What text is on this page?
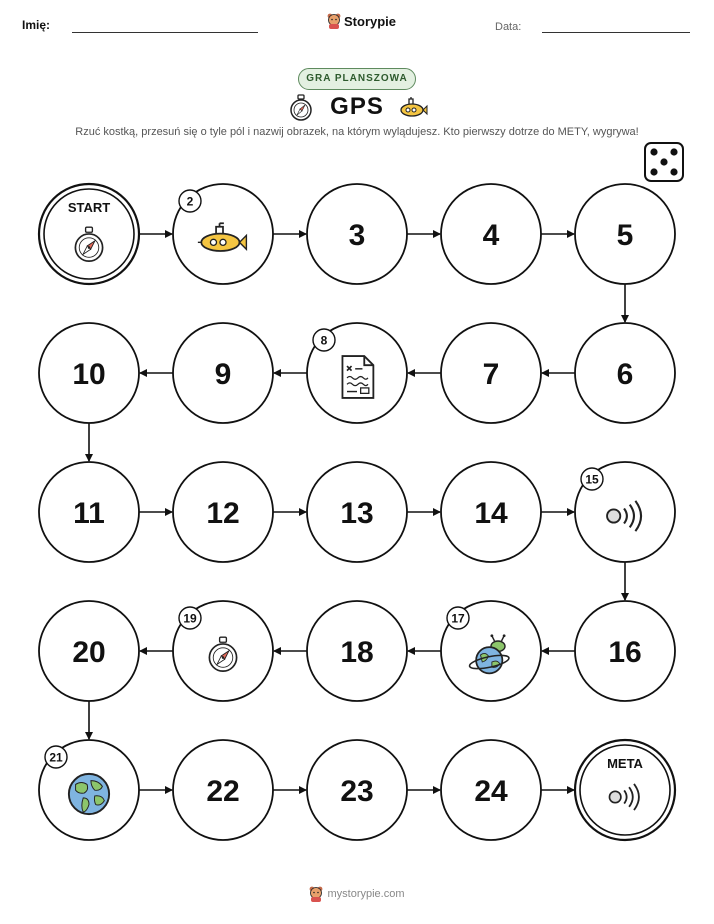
Imię:	Storypie	Data:
GRA PLANSZOWA
GPS
Rzuć kostką, przesuń się o tyle pól i nazwij obrazek, na którym wylądujesz. Kto pierwszy dotrze do METY, wygrywa!
START	2
3	4	5
6
7
8
9
10
11	12	13	14
15
16
17
18
19
20
21
22	23	24
META
mystorypie.com
